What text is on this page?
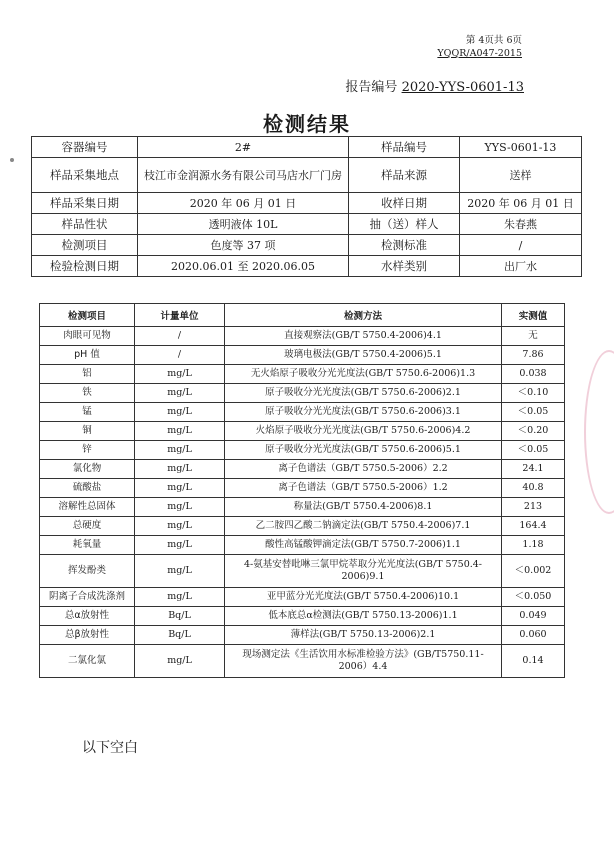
第 4页共 6页
YQQR/A047-2015
报告编号 2020-YYS-0601-13
检测结果
容器编号	2#	样品编号	YYS-0601-13
样品采集地点	枝江市金润源水务有限公司马店水厂门房	样品来源	送样
样品采集日期	2020 年 06 月 01 日	收样日期	2020 年 06 月 01 日
样品性状	透明液体 10L	抽（送）样人	朱春燕
检测项目	色度等 37 项	检测标准	/
检验检测日期	2020.06.01 至 2020.06.05	水样类别	出厂水
检测项目	计量单位	检测方法	实测值
肉眼可见物	/	直接观察法(GB/T 5750.4-2006)4.1	无
pH 值	/	玻璃电极法(GB/T 5750.4-2006)5.1	7.86
铝	mg/L	无火焰原子吸收分光光度法(GB/T 5750.6-2006)1.3	0.038
铁	mg/L	原子吸收分光光度法(GB/T 5750.6-2006)2.1	＜0.10
锰	mg/L	原子吸收分光光度法(GB/T 5750.6-2006)3.1	＜0.05
铜	mg/L	火焰原子吸收分光光度法(GB/T 5750.6-2006)4.2	＜0.20
锌	mg/L	原子吸收分光光度法(GB/T 5750.6-2006)5.1	＜0.05
氯化物	mg/L	离子色谱法（GB/T 5750.5-2006）2.2	24.1
硫酸盐	mg/L	离子色谱法（GB/T 5750.5-2006）1.2	40.8
溶解性总固体	mg/L	称量法(GB/T 5750.4-2006)8.1	213
总硬度	mg/L	乙二胺四乙酸二钠滴定法(GB/T 5750.4-2006)7.1	164.4
耗氧量	mg/L	酸性高锰酸钾滴定法(GB/T 5750.7-2006)1.1	1.18
挥发酚类	mg/L	4-氨基安替吡啉三氯甲烷萃取分光光度法(GB/T 5750.4-2006)9.1	＜0.002
阴离子合成洗涤剂	mg/L	亚甲蓝分光光度法(GB/T 5750.4-2006)10.1	＜0.050
总α放射性	Bq/L	低本底总α检测法(GB/T 5750.13-2006)1.1	0.049
总β放射性	Bq/L	薄样法(GB/T 5750.13-2006)2.1	0.060
二氯化氯	mg/L	现场测定法《生活饮用水标准检验方法》(GB/T5750.11-2006）4.4	0.14
以下空白
